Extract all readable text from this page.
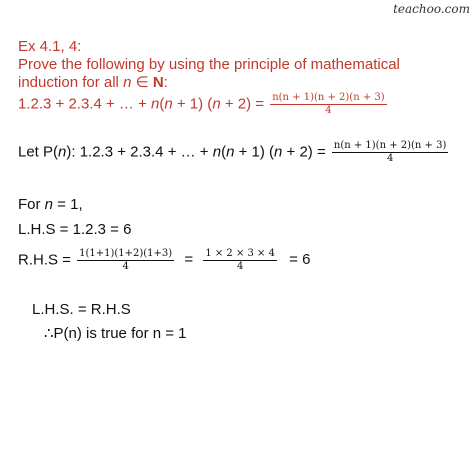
teachoo.com
Ex 4.1, 4:
Prove the following by using the principle of mathematical
induction for all n ∈ N:
1.2.3 + 2.3.4 + … + n(n + 1) $(n + 2) = \frac{n(n + 1)(n + 2)(n + 3)}{4}$
Let P(n): 1.2.3 + 2.3.4 + … + n(n + 1) $(n + 2) = \frac{n(n + 1)(n + 2)(n + 3)}{4}$
For n = 1,
L.H.S = 1.2.3 = 6
$R.H.S = \frac{1(1+1)(1+2)(1+3)}{4} = \frac{1 \times 2 \times 3 \times 4}{4} = 6$
L.H.S. = R.H.S
∴P(n) is true for n = 1
